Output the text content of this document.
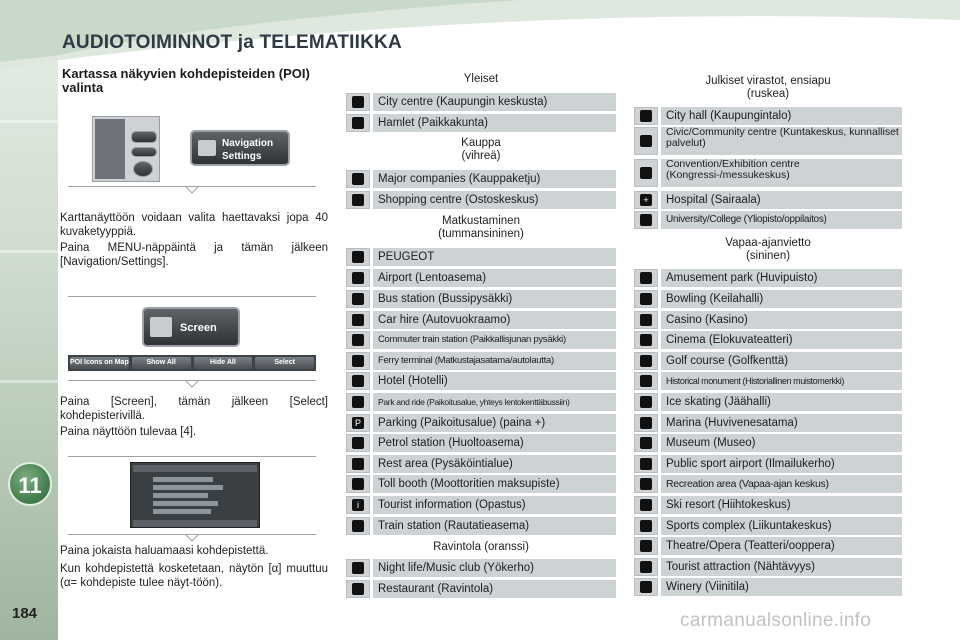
AUDIOTOIMINNOT ja TELEMATIIKKA
Kartassa näkyvien kohdepisteiden (POI) valinta
11
184
Navigation
Settings
Karttanäyttöön voidaan valita haettavaksi jopa 40 kuvaketyyppiä.
Paina MENU-näppäintä ja tämän jälkeen [Navigation/Settings].
Screen
POI Icons on Map	Show All	Hide All	Select
Paina [Screen], tämän jälkeen [Select] kohdepisterivillä.
Paina näyttöön tulevaa [4].
Paina jokaista haluamaasi kohdepistettä.
Kun kohdepistettä kosketetaan, näytön [α] muuttuu (α= kohdepiste tulee näyt-töön).
Yleiset
City centre (Kaupungin keskusta)
Hamlet (Paikkakunta)
Kauppa
(vihreä)
Major companies (Kauppaketju)
Shopping centre (Ostoskeskus)
Matkustaminen
(tummansininen)
PEUGEOT
Airport (Lentoasema)
Bus station (Bussipysäkki)
Car hire (Autovuokraamo)
Commuter train station (Paikkallisjunan pysäkki)
Ferry terminal (Matkustajasatama/autolautta)
Hotel (Hotelli)
Park and ride (Paikoitusalue, yhteys lentokenttäbussiin)
P	Parking (Paikoitusalue) (paina +)
Petrol station (Huoltoasema)
Rest area (Pysäköintialue)
Toll booth (Moottoritien maksupiste)
i	Tourist information (Opastus)
Train station (Rautatieasema)
Ravintola (oranssi)
Night life/Music club (Yökerho)
Restaurant (Ravintola)
Julkiset virastot, ensiapu
(ruskea)
City hall (Kaupungintalo)
Civic/Community centre (Kuntakeskus, kunnalliset palvelut)
Convention/Exhibition centre (Kongressi-/messukeskus)
+	Hospital (Sairaala)
University/College (Yliopisto/oppilaitos)
Vapaa-ajanvietto
(sininen)
Amusement park (Huvipuisto)
Bowling (Keilahalli)
Casino (Kasino)
Cinema (Elokuvateatteri)
Golf course (Golfkenttä)
Historical monument (Historiallinen muistomerkki)
Ice skating (Jäähalli)
Marina (Huvivenesatama)
Museum (Museo)
Public sport airport (Ilmailukerho)
Recreation area (Vapaa-ajan keskus)
Ski resort (Hiihtokeskus)
Sports complex (Liikuntakeskus)
Theatre/Opera (Teatteri/ooppera)
Tourist attraction (Nähtävyys)
Winery (Viinitila)
carmanualsonline.info
